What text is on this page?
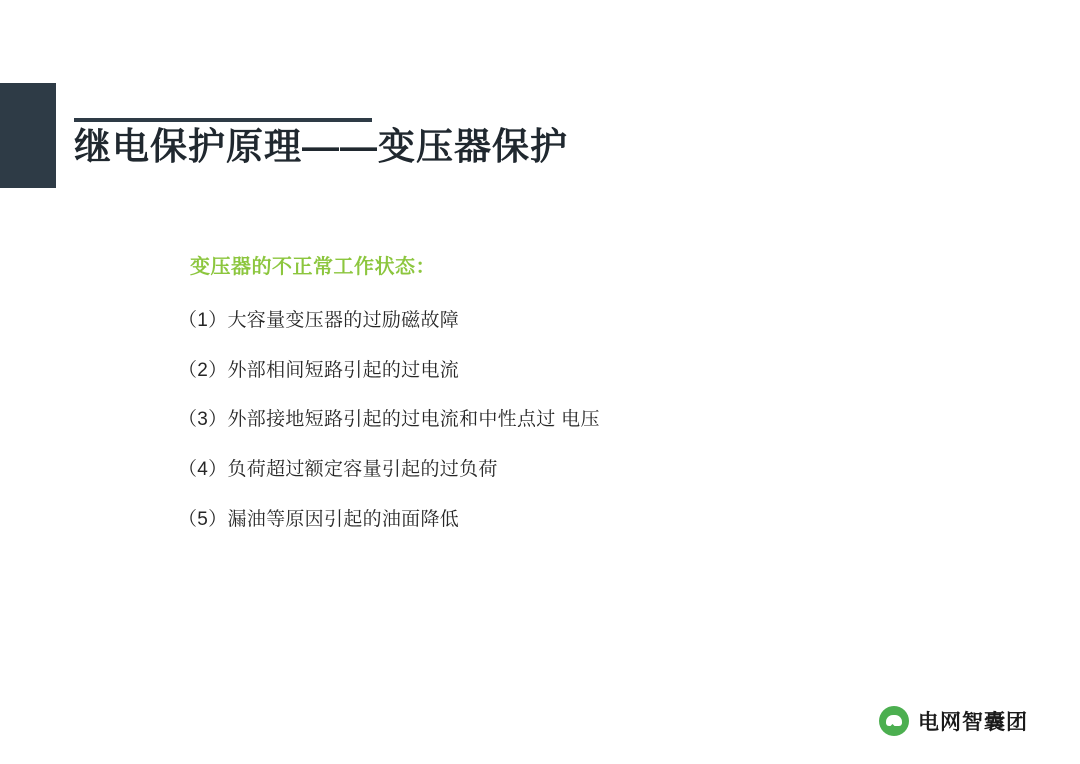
继电保护原理——变压器保护
变压器的不正常工作状态：
（1）大容量变压器的过励磁故障
（2）外部相间短路引起的过电流
（3）外部接地短路引起的过电流和中性点过 电压
（4）负荷超过额定容量引起的过负荷
（5）漏油等原因引起的油面降低
电网智囊团
